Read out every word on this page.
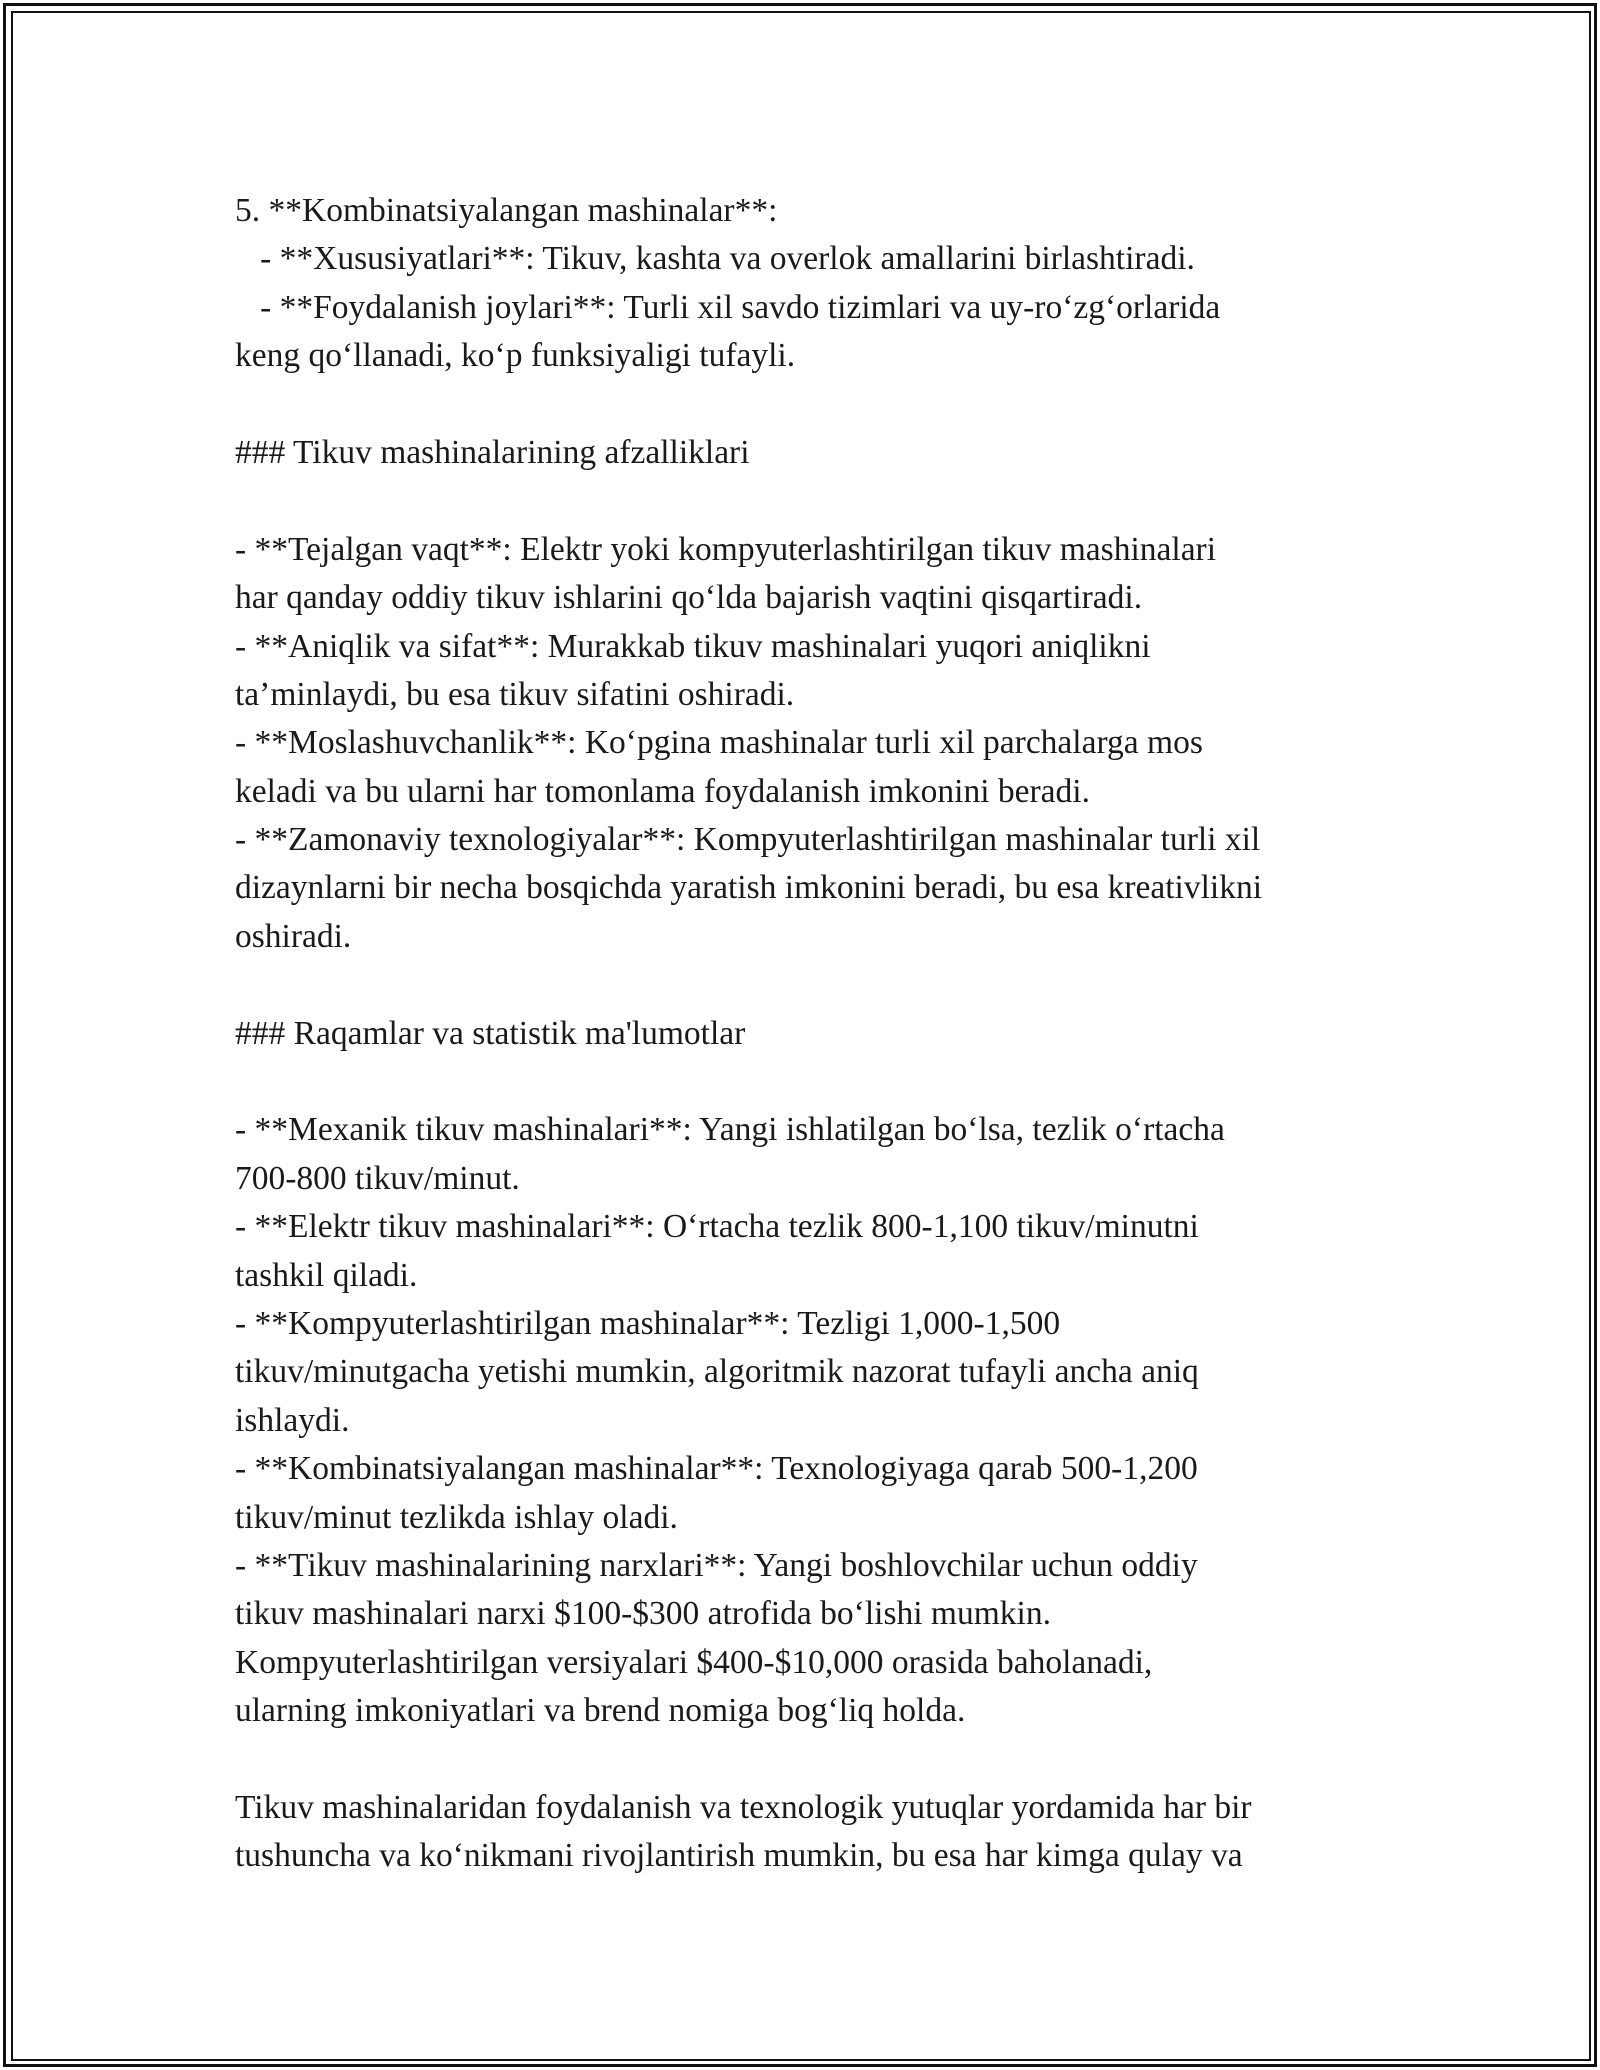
5. **Kombinatsiyalangan mashinalar**:
- **Xususiyatlari**: Tikuv, kashta va overlok amallarini birlashtiradi.
- **Foydalanish joylari**: Turli xil savdo tizimlari va uy-ro‘zg‘orlarida
keng qo‘llanadi, ko‘p funksiyaligi tufayli.
### Tikuv mashinalarining afzalliklari
- **Tejalgan vaqt**: Elektr yoki kompyuterlashtirilgan tikuv mashinalari
har qanday oddiy tikuv ishlarini qo‘lda bajarish vaqtini qisqartiradi.
- **Aniqlik va sifat**: Murakkab tikuv mashinalari yuqori aniqlikni
ta’minlaydi, bu esa tikuv sifatini oshiradi.
- **Moslashuvchanlik**: Ko‘pgina mashinalar turli xil parchalarga mos
keladi va bu ularni har tomonlama foydalanish imkonini beradi.
- **Zamonaviy texnologiyalar**: Kompyuterlashtirilgan mashinalar turli xil
dizaynlarni bir necha bosqichda yaratish imkonini beradi, bu esa kreativlikni
oshiradi.
### Raqamlar va statistik ma'lumotlar
- **Mexanik tikuv mashinalari**: Yangi ishlatilgan bo‘lsa, tezlik o‘rtacha
700-800 tikuv/minut.
- **Elektr tikuv mashinalari**: O‘rtacha tezlik 800-1,100 tikuv/minutni
tashkil qiladi.
- **Kompyuterlashtirilgan mashinalar**: Tezligi 1,000-1,500
tikuv/minutgacha yetishi mumkin, algoritmik nazorat tufayli ancha aniq
ishlaydi.
- **Kombinatsiyalangan mashinalar**: Texnologiyaga qarab 500-1,200
tikuv/minut tezlikda ishlay oladi.
- **Tikuv mashinalarining narxlari**: Yangi boshlovchilar uchun oddiy
tikuv mashinalari narxi $100-$300 atrofida bo‘lishi mumkin.
Kompyuterlashtirilgan versiyalari $400-$10,000 orasida baholanadi,
ularning imkoniyatlari va brend nomiga bog‘liq holda.
Tikuv mashinalaridan foydalanish va texnologik yutuqlar yordamida har bir
tushuncha va ko‘nikmani rivojlantirish mumkin, bu esa har kimga qulay va
